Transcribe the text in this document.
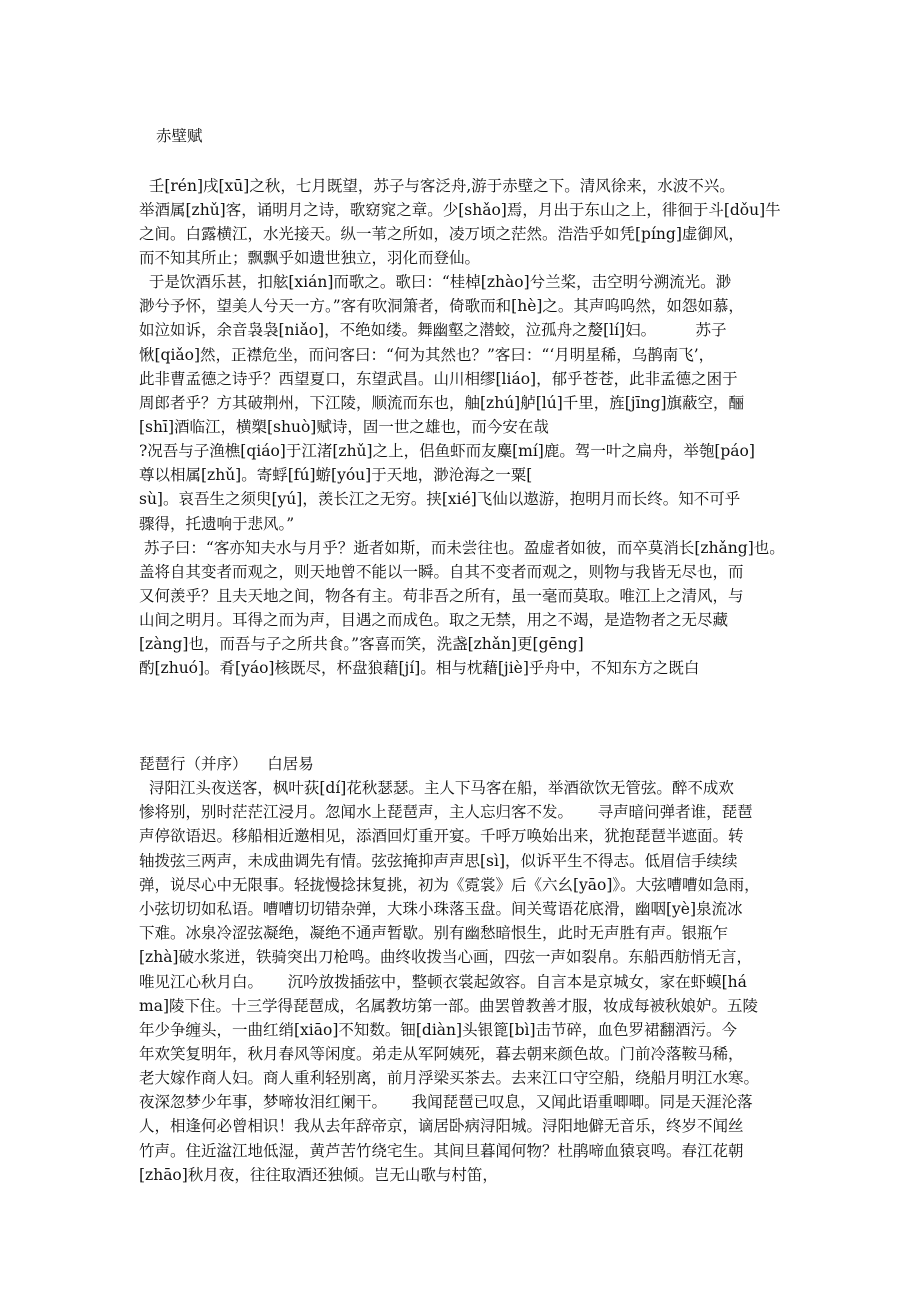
赤壁赋
壬[rén]戌[xū]之秋，七月既望，苏子与客泛舟,游于赤壁之下。清风徐来，水波不兴。
举酒属[zhǔ]客，诵明月之诗，歌窈窕之章。少[shǎo]焉，月出于东山之上，徘徊于斗[dǒu]牛
之间。白露横江，水光接天。纵一苇之所如，凌万顷之茫然。浩浩乎如凭[píng]虚御风，
而不知其所止；飘飘乎如遗世独立，羽化而登仙。
于是饮酒乐甚，扣舷[xián]而歌之。歌曰：“桂棹[zhào]兮兰桨，击空明兮溯流光。渺
渺兮予怀，望美人兮天一方。”客有吹洞箫者，倚歌而和[hè]之。其声呜呜然，如怨如慕，
如泣如诉，余音袅袅[niǎo]，不绝如缕。舞幽壑之潜蛟，泣孤舟之嫠[lí]妇。        苏子
愀[qiǎo]然，正襟危坐，而问客曰：“何为其然也？”客曰：“‘月明星稀，乌鹊南飞’，
此非曹孟德之诗乎？西望夏口，东望武昌。山川相缪[liáo]，郁乎苍苍，此非孟德之困于
周郎者乎？方其破荆州，下江陵，顺流而东也，舳[zhú]舻[lú]千里，旌[jīng]旗蔽空，酾
[shī]酒临江，横槊[shuò]赋诗，固一世之雄也，而今安在哉
?况吾与子渔樵[qiáo]于江渚[zhǔ]之上，侣鱼虾而友麋[mí]鹿。驾一叶之扁舟，举匏[páo]
尊以相属[zhǔ]。寄蜉[fú]蝣[yóu]于天地，渺沧海之一粟[
sù]。哀吾生之须臾[yú]，羡长江之无穷。挟[xié]飞仙以遨游，抱明月而长终。知不可乎
骤得，托遗响于悲风。”
苏子曰：“客亦知夫水与月乎？逝者如斯，而未尝往也。盈虚者如彼，而卒莫消长[zhǎng]也。
盖将自其变者而观之，则天地曾不能以一瞬。自其不变者而观之，则物与我皆无尽也，而
又何羡乎？且夫天地之间，物各有主。苟非吾之所有，虽一毫而莫取。唯江上之清风，与
山间之明月。耳得之而为声，目遇之而成色。取之无禁，用之不竭，是造物者之无尽藏
[zàng]也，而吾与子之所共食。”客喜而笑，洗盏[zhǎn]更[gēng]
酌[zhuó]。肴[yáo]核既尽，杯盘狼藉[jí]。相与枕藉[jiè]乎舟中，不知东方之既白
琵琶行（并序）    白居易
浔阳江头夜送客，枫叶荻[dí]花秋瑟瑟。主人下马客在船，举酒欲饮无管弦。醉不成欢
惨将别，别时茫茫江浸月。忽闻水上琵琶声，主人忘归客不发。     寻声暗问弹者谁，琵琶
声停欲语迟。移船相近邀相见，添酒回灯重开宴。千呼万唤始出来，犹抱琵琶半遮面。转
轴拨弦三两声，未成曲调先有情。弦弦掩抑声声思[sì]，似诉平生不得志。低眉信手续续
弹，说尽心中无限事。轻拢慢捻抹复挑，初为《霓裳》后《六幺[yāo]》。大弦嘈嘈如急雨，
小弦切切如私语。嘈嘈切切错杂弹，大珠小珠落玉盘。间关莺语花底滑，幽咽[yè]泉流冰
下难。冰泉冷涩弦凝绝，凝绝不通声暂歇。别有幽愁暗恨生，此时无声胜有声。银瓶乍
[zhà]破水浆迸，铁骑突出刀枪鸣。曲终收拨当心画，四弦一声如裂帛。东船西舫悄无言，
唯见江心秋月白。     沉吟放拨插弦中，整顿衣裳起敛容。自言本是京城女，家在虾蟆[há
ma]陵下住。十三学得琵琶成，名属教坊第一部。曲罢曾教善才服，妆成每被秋娘妒。五陵
年少争缠头，一曲红绡[xiāo]不知数。钿[diàn]头银篦[bì]击节碎，血色罗裙翻酒污。今
年欢笑复明年，秋月春风等闲度。弟走从军阿姨死，暮去朝来颜色故。门前冷落鞍马稀，
老大嫁作商人妇。商人重利轻别离，前月浮梁买茶去。去来江口守空船，绕船月明江水寒。
夜深忽梦少年事，梦啼妆泪红阑干。     我闻琵琶已叹息，又闻此语重唧唧。同是天涯沦落
人，相逢何必曾相识！我从去年辞帝京，谪居卧病浔阳城。浔阳地僻无音乐，终岁不闻丝
竹声。住近湓江地低湿，黄芦苦竹绕宅生。其间旦暮闻何物？杜鹃啼血猿哀鸣。春江花朝
[zhāo]秋月夜，往往取酒还独倾。岂无山歌与村笛，
